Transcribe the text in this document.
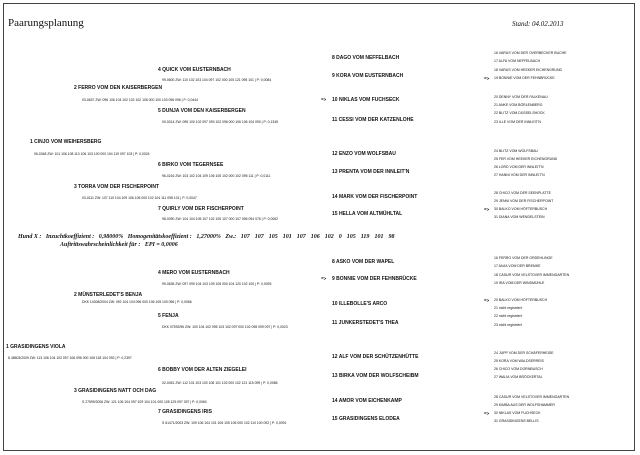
Paarungsplanung	Stand: 04.02.2013
1 CINJO VOM WEIHERSBERG
06-0348 ZW: 101 106 108 110 106 103 100 000 104 119 097 103 | P: 0,0024
2 FERRO VOM DEN KAISERBERGEN
03-0637 ZW: 096 106 104 102 102 102 106 000 100 103 096 096 | P: 0,0444
3 TORRA VOM DER FISCHERPOINT
03-0111 ZW: 107 110 104 109 106 105 000 102 104 111 098 101 | P: 0,0047
4 QUICK VOM EUSTERNBACH
99-0600 ZW: 110 102 103 104 097 102 000 105 121 095 101 | P: 0,0084
5 DUNJA VOM DEN KAISERBERGEN
00-0014 ZW: 095 100 102 097 093 102 096 000 106 106 104 090 | P: 0,1345
6 BIRKO VOM TEGERNSEE
96-0216 ZW: 103 102 104 109 106 105 102 000 102 095 111 | P: 0,0111
7 QUIRLY VOM DER FISCHERPOINT
98-0090 ZW: 104 104 105 107 102 105 107 000 107 096 094 076 | P: 0,0062
8 DAGO VOM NEFFELBACH
9 KORA VOM EUSTERNBACH
=> 10 NIKLAS VOM FUCHSECK
11 CESSI VOM DER KATZENLOHE
12 ENZO VOM WOLFSBAU
13 PRENTA VOM DER INNLEIT'N
14 MARK VOM DER FISCHERPOINT
15 HELLA VOM ALTMÜHLTAL
16 VARUS VOM DER OVERBECKER BUCHE
17 ALFA VOM NEFFELBACH
18 VARUS VOM HEEKER EICHENGRUND
=> 19 BONNIE VOM DER FEHNBRÜCKE
20 DENNY VOM DER FALKENAU
21 ANKE VOM BÖRLENBERG
22 BLITZ VOM DÜSSELSHOCK
23 ILLE VOM DER INNLEIT'N
24 BLITZ VOM WOLFSBAU
25 FER VOM HEEKER EICHENGRUND
26 LORD VOM DER INNLEIT'N
27 HANNI VOM DER INNLEIT'N
28 CHICO VOM DER SEENPLATTE
29 JENNI VOM DER FISCHERPOINT
=> 30 BALKO VOM HÖFTERBUSCH
31 DIANA VOM WENDELSTEIN
Hund X : Inzuchtkoeffizient : 0,98000% Homogenitätskoeffizient : 1,27000% Zw.: 107 107 105 101 107 106 102 0 105 119 101 98
Auftrittswahrscheinlichkeit für : EPI = 0,0006
1 GRASIDINGENS VIOLA
8 48603/2009 ZW: 113 106 104 102 097 106 096 000 106 118 104 092 | P: 0,2397
2 MÜNSTERLEDET'S BENJA
DKK 14308/2004 ZW: 092 104 104 096 000 106 105 100 096 | P: 0,0066
3 GRASIDINGENS NATT OCH DAG
S 27599/2006 ZW: 121 106 104 097 109 104 101 000 105 129 097 097 | P: 0,0060
4 MERO VOM EUSTERNBACH
99-0635 ZW: 097 099 104 103 109 105 000 104 120 102 100 | P: 0,0093
5 FENJA
DKK 07592/96 ZW: 100 104 102 095 103 102 097 000 102 098 099 097 | P: 0,0023
6 BOBBY VOM DER ALTEN ZIEGELEI
02-0451 ZW: 112 101 103 100 108 101 102 000 102 121 115 099 | P: 0,0086
7 GRASIDINGENS IRIS
S 61471/2003 ZW: 109 106 104 101 106 105 105 000 102 110 100 092 | P: 0,0091
8 ASKO VOM DER WAPEL
=> 9 BONNIE VOM DER FEHNBRÜCKE
10 ILLEBOLLE'S ARCO
11 JUNKERSTEDET'S THEA
12 ALF VOM DER SCHÜTZENHÜTTE
13 BIRKA VOM DER WOLFSCHEIBM
14 AMOR VOM EICHENKAMP
15 GRASIDINGENS ELODEA
16 FERRO VOM DER ORDEHLINGE
17 ANJA VOM DER BREMKE
18 CÄSUR VOM VELSTOVER IMMENGARTEN
19 IRA VOM DER WINDMÜHLE
=> 20 BALKO VOM HÖFTERBUSCH
21 nicht registriert
22 nicht registriert
23 nicht registriert
24 JUPP VOM DER SCHÄFERHEIDE
25 KORA VOM WALDSERREIS
26 CHICO VOM DORNBUSCH
27 WAIJA VOM BRÖCKERTAL
28 CÄSUR VOM VELSTOVER IMMENGARTEN
29 KIMBA AUS DER WOLFSHAMMER
=> 30 NIKLAS VOM FUCHSECK
31 GRASIDINGENS BELLIS
